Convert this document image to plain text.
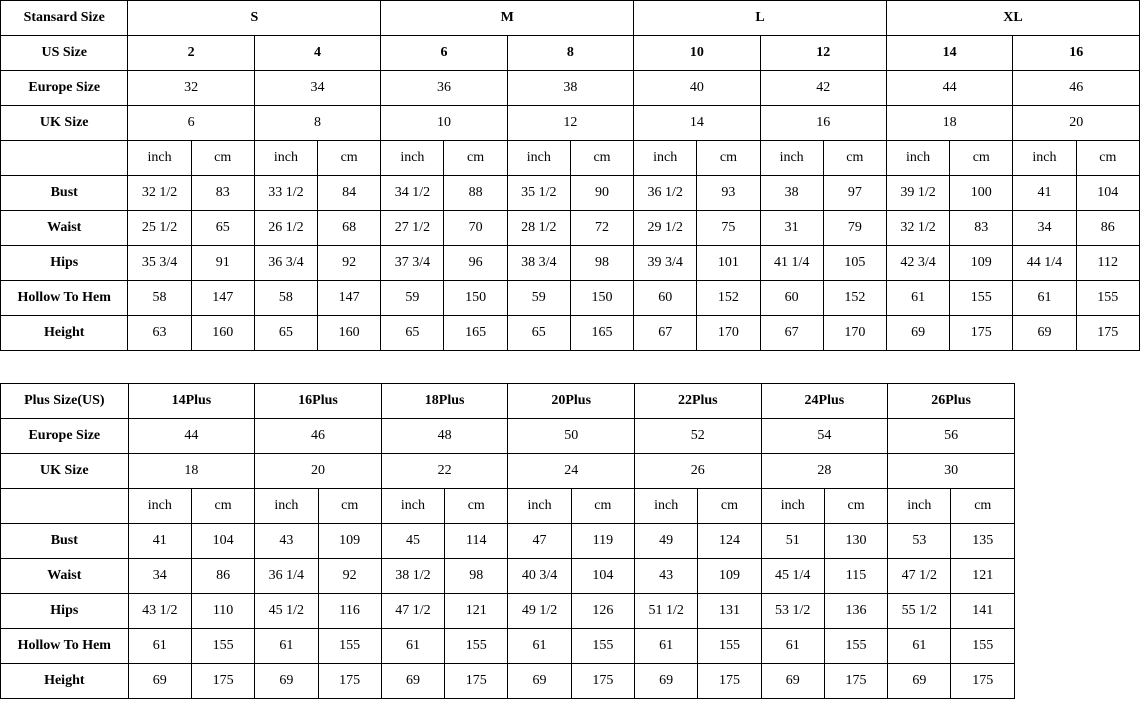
Stansard Size	S				M				L				XL			
US Size	2		4		6		8		10		12		14		16	
Europe Size	32		34		36		38		40		42		44		46	
UK Size	6		8		10		12		14		16		18		20	
	inch	cm	inch	cm	inch	cm	inch	cm	inch	cm	inch	cm	inch	cm	inch	cm
Bust	32 1/2	83	33 1/2	84	34 1/2	88	35 1/2	90	36 1/2	93	38	97	39 1/2	100	41	104
Waist	25 1/2	65	26 1/2	68	27 1/2	70	28 1/2	72	29 1/2	75	31	79	32 1/2	83	34	86
Hips	35 3/4	91	36 3/4	92	37 3/4	96	38 3/4	98	39 3/4	101	41 1/4	105	42 3/4	109	44 1/4	112
Hollow To Hem	58	147	58	147	59	150	59	150	60	152	60	152	61	155	61	155
Height	63	160	65	160	65	165	65	165	67	170	67	170	69	175	69	175
Plus Size(US)	14Plus		16Plus		18Plus		20Plus		22Plus		24Plus		26Plus	
Europe Size	44		46		48		50		52		54		56	
UK Size	18		20		22		24		26		28		30	
	inch	cm	inch	cm	inch	cm	inch	cm	inch	cm	inch	cm	inch	cm
Bust	41	104	43	109	45	114	47	119	49	124	51	130	53	135
Waist	34	86	36 1/4	92	38 1/2	98	40 3/4	104	43	109	45 1/4	115	47 1/2	121
Hips	43 1/2	110	45 1/2	116	47 1/2	121	49 1/2	126	51 1/2	131	53 1/2	136	55 1/2	141
Hollow To Hem	61	155	61	155	61	155	61	155	61	155	61	155	61	155
Height	69	175	69	175	69	175	69	175	69	175	69	175	69	175
